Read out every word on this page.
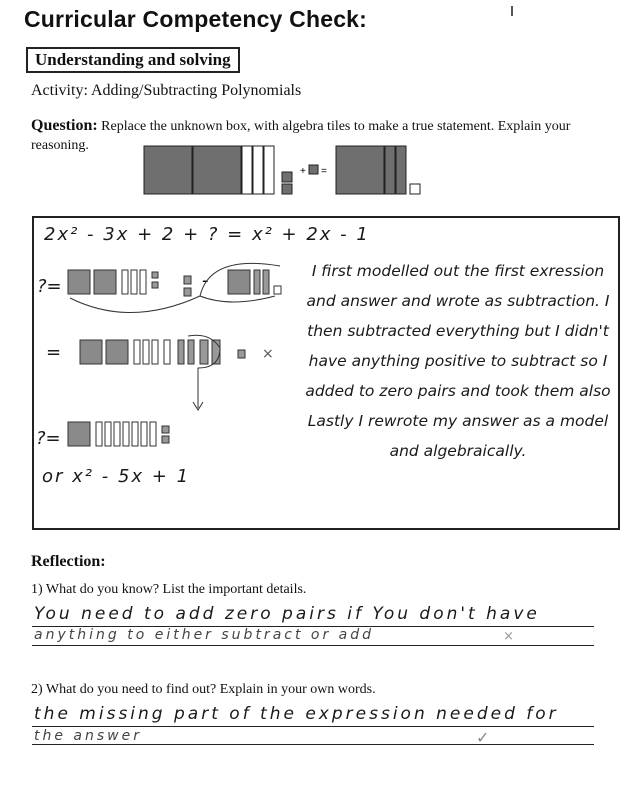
Curricular Competency Check:
Understanding and solving
Activity: Adding/Subtracting Polynomials
Question: Replace the unknown box, with algebra tiles to make a true statement. Explain your reasoning.
+ =
2x² - 3x + 2 + ? = x² + 2x - 1
?=	-
=	×
?=
or x² - 5x + 1
I first modelled out the first exression and answer and wrote as subtraction. I then subtracted everything but I didn't have anything positive to subtract so I added to zero pairs and took them also Lastly I rewrote my answer as a model and algebraically.
Reflection:
1) What do you know? List the important details.
You need to add zero pairs if You don't have
anything to either subtract or add	×
2) What do you need to find out? Explain in your own words.
the missing part of the expression needed for
the answer	✓
